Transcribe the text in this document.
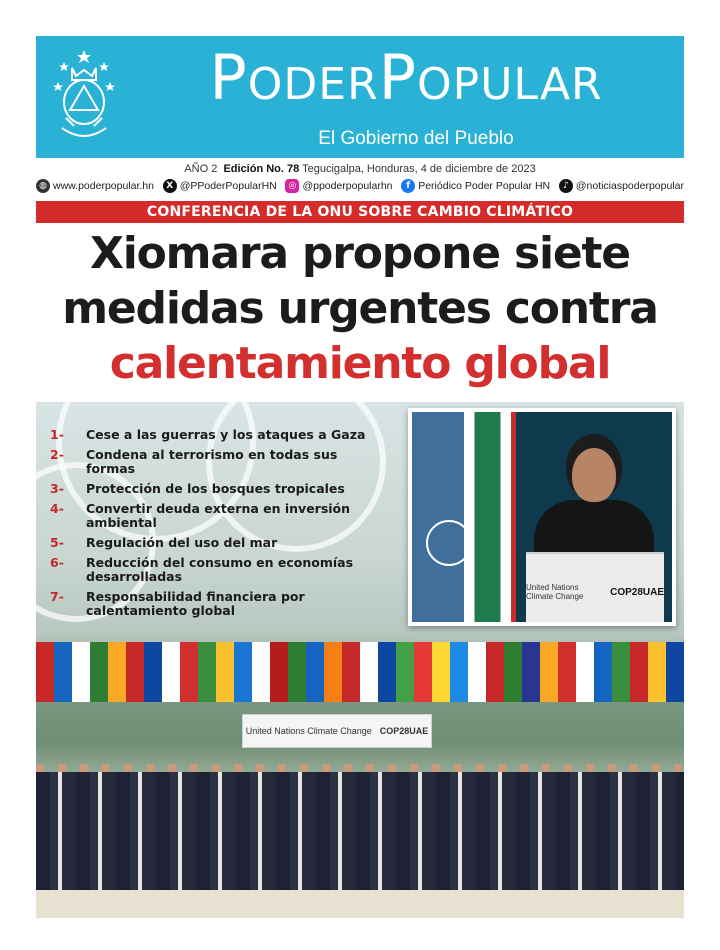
PODERPOPULAR
El Gobierno del Pueblo
AÑO 2 Edición No. 78 Tegucigalpa, Honduras, 4 de diciembre de 2023
◍ www.poderpopular.hn	X @PPoderPopularHN	◎ @ppoderpopularhn	f Periódico Poder Popular HN	♪ @noticiaspoderpopular
CONFERENCIA DE LA ONU SOBRE CAMBIO CLIMÁTICO
Xiomara propone siete
medidas urgentes contra
calentamiento global
United Nations Climate Change COP28UAE
1-	Cese a las guerras y los ataques a Gaza
2-	Condena al terrorismo en todas sus formas
3-	Protección de los bosques tropicales
4-	Convertir deuda externa en inversión ambiental
5-	Regulación del uso del mar
6-	Reducción del consumo en economías desarrolladas
7-	Responsabilidad financiera por calentamiento global
United Nations Climate Change	COP28UAE
